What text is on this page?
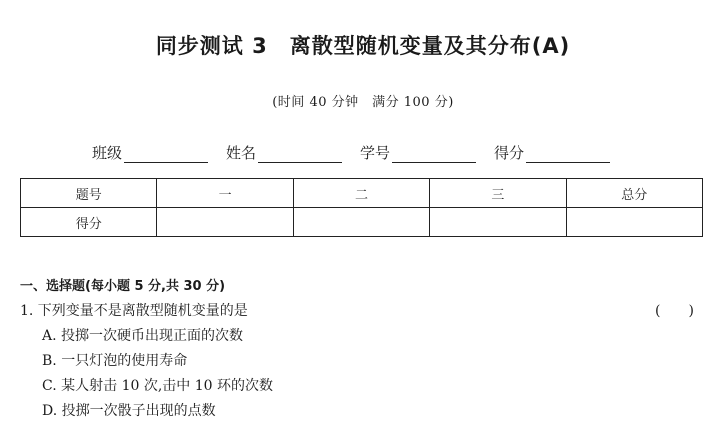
同步测试 3　离散型随机变量及其分布(A)
(时间 40 分钟　满分 100 分)
班级	姓名	学号	得分
题号	一	二	三	总分
得分				
一、选择题(每小题 5 分,共 30 分)
1. 下列变量不是离散型随机变量的是	(　　)
A. 投掷一次硬币出现正面的次数
B. 一只灯泡的使用寿命
C. 某人射击 10 次,击中 10 环的次数
D. 投掷一次骰子出现的点数
